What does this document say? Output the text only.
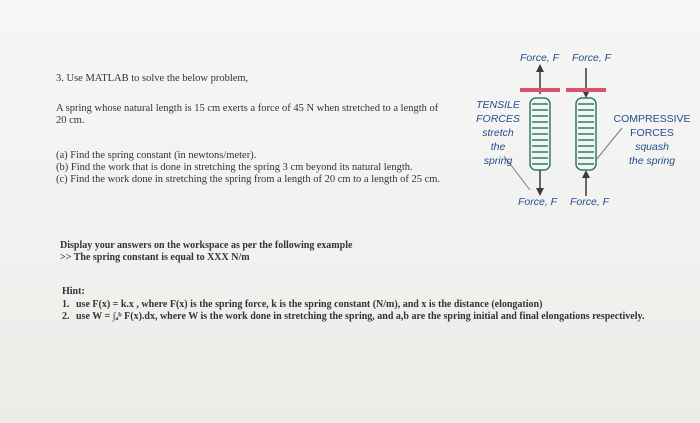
3. Use MATLAB to solve the below problem,
A spring whose natural length is 15 cm exerts a force of 45 N when stretched to a length of 20 cm.
(a) Find the spring constant (in newtons/meter).
(b) Find the work that is done in stretching the spring 3 cm beyond its natural length.
(c) Find the work done in stretching the spring from a length of 20 cm to a length of 25 cm.
Display your answers on the workspace as per the following example
>> The spring constant is equal to XXX N/m
Hint:
1. use F(x) = k.x , where F(x) is the spring force, k is the spring constant (N/m), and x is the distance (elongation)
2. use W = ∫ₐᵇ F(x).dx, where W is the work done in stretching the spring, and a,b are the spring initial and final elongations respectively.
Force, F Force, F
TENSILE
FORCES
stretch
the
spring
COMPRESSIVE
FORCES
squash
the spring
Force, F Force, F
